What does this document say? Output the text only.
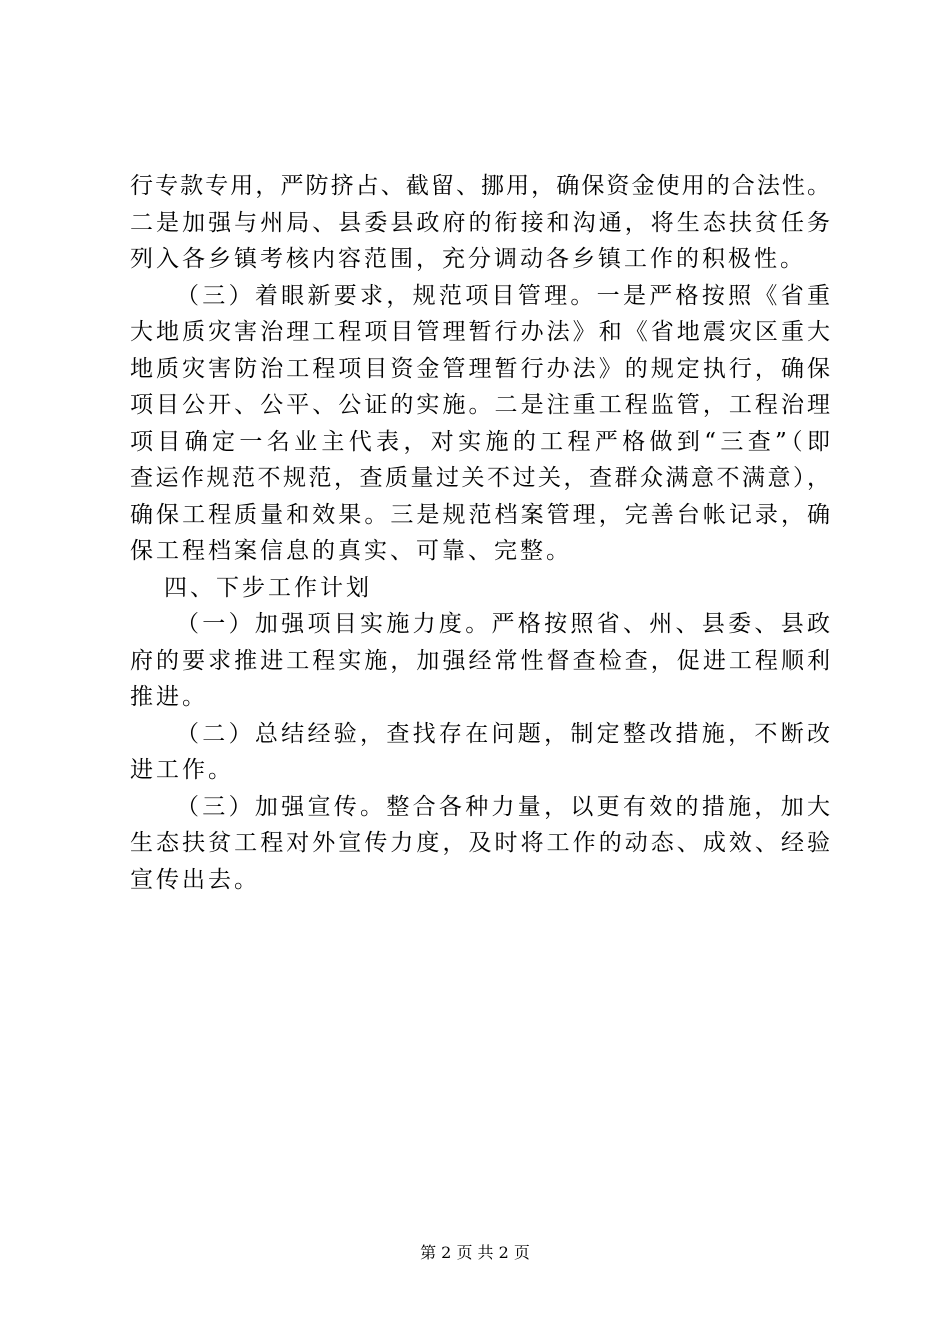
行专款专用，严防挤占、截留、挪用，确保资金使用的合法性。
二是加强与州局、县委县政府的衔接和沟通，将生态扶贫任务
列入各乡镇考核内容范围，充分调动各乡镇工作的积极性。
（三）着眼新要求，规范项目管理。一是严格按照《省重
大地质灾害治理工程项目管理暂行办法》和《省地震灾区重大
地质灾害防治工程项目资金管理暂行办法》的规定执行，确保
项目公开、公平、公证的实施。二是注重工程监管，工程治理
项目确定一名业主代表，对实施的工程严格做到“三查”（即
查运作规范不规范，查质量过关不过关，查群众满意不满意），
确保工程质量和效果。三是规范档案管理，完善台帐记录，确
保工程档案信息的真实、可靠、完整。
四、下步工作计划
（一）加强项目实施力度。严格按照省、州、县委、县政
府的要求推进工程实施，加强经常性督查检查，促进工程顺利
推进。
（二）总结经验，查找存在问题，制定整改措施，不断改
进工作。
（三）加强宣传。整合各种力量，以更有效的措施，加大
生态扶贫工程对外宣传力度，及时将工作的动态、成效、经验
宣传出去。
第 2 页 共 2 页
